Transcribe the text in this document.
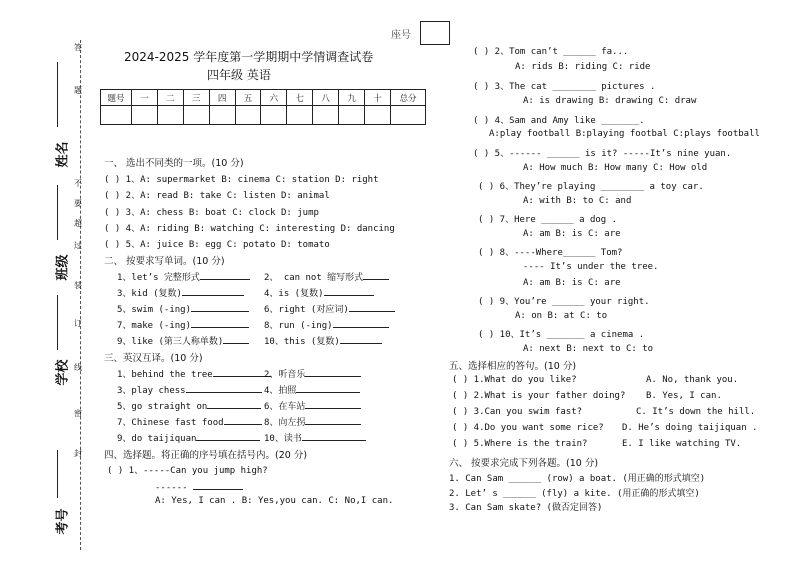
答
题
不
要
超
过
装
订
线
密
封
考号
学校
班级
姓名
座号
2024-2025 学年度第一学期期中学情调查试卷
四年级 英语
题号	一	二	三	四	五	六	七	八	九	十	总分

一、 选出不同类的一项。(10 分)
( ) 1、A: supermarket B: cinema C: station D: right
( ) 2、A: read B: take C: listen D: animal
( ) 3、A: chess B: boat C: clock D: jump
( ) 4、A: riding B: watching C: interesting D: dancing
( ) 5、A: juice B: egg C: potato D: tomato
二、 按要求写单词。(10 分)
1、let’s 完整形式	2、 can not 缩写形式
3、kid (复数)	4、is (复数)
5、swim (-ing)	6、right (对应词)
7、make (-ing)	8、run (-ing)
9、like (第三人称单数)	10、this (复数)
三、英汉互译。(10 分)
1、behind the tree	2、听音乐
3、play chess	4、拍照
5、go straight on	6、在车站
7、Chinese fast food	8、向左拐
9、do taijiquan	10、读书
四、选择题。将正确的序号填在括号内。(20 分)
( ) 1、-----Can you jump high?
------
A: Yes, I can . B: Yes,you can. C: No,I can.
( ) 2、Tom can’t ______ fa...
A: rids B: riding C: ride
( ) 3、The cat ________ pictures .
A: is drawing B: drawing C: draw
( ) 4、Sam and Amy like _______.
A:play football B:playing footbal C:plays football
( ) 5、------ ______ is it? -----It’s nine yuan.
A: How much B: How many C: How old
( ) 6、They’re playing ________ a toy car.
A: with B: to C: and
( ) 7、Here ______ a dog .
A: am B: is C: are
( ) 8、----Where______ Tom?
---- It’s under the tree.
A: am B: is C: are
( ) 9、You’re ______ your right.
A: on B: at C: to
( ) 10、It’s _______ a cinema .
A: next B: next to C: to
五、选择相应的答句。(10 分)
( ) 1.What do you like?	A. No, thank you.
( ) 2.What is your father doing? B. Yes, I can.
( ) 3.Can you swim fast?	C. It’s down the hill.
( ) 4.Do you want some rice? D. He’s doing taijiquan .
( ) 5.Where is the train?	E. I like watching TV.
六、 按要求完成下列各题。(10 分)
1. Can Sam ______ (row) a boat. (用正确的形式填空)
2. Let’ s ______ (fly) a kite. (用正确的形式填空)
3. Can Sam skate? (做否定回答)
